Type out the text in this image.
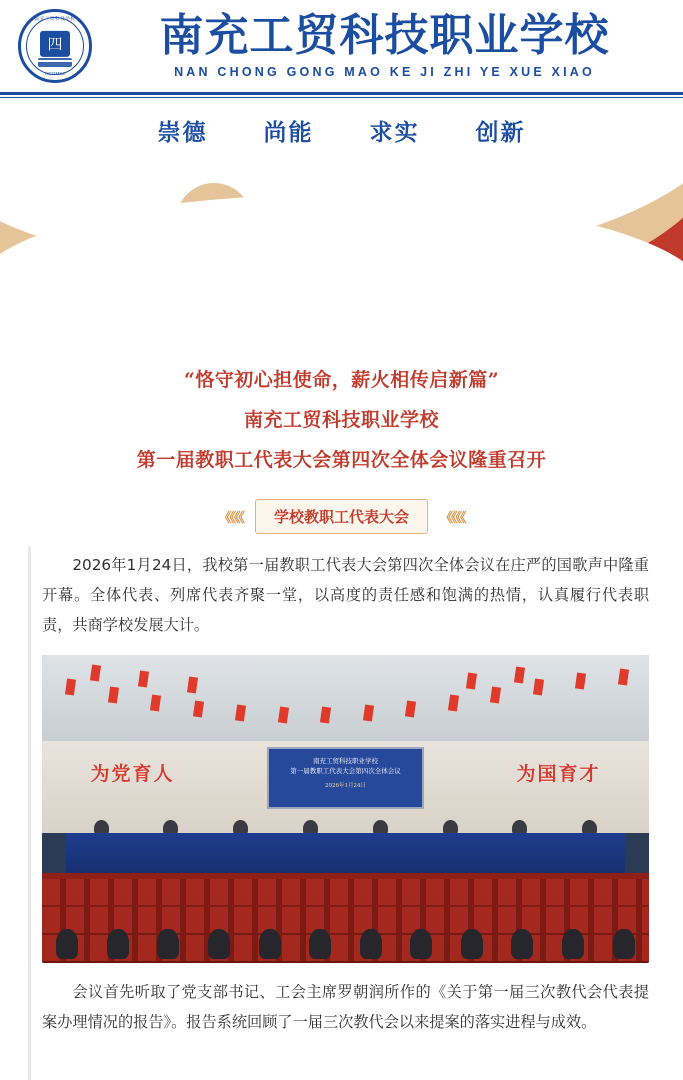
南充工贸科技学校
四
NCGMKJ
南充工贸科技职业学校
NAN CHONG GONG MAO KE JI ZHI YE XUE XIAO
崇德 尚能 求实 创新
“恪守初心担使命，薪火相传启新篇”
南充工贸科技职业学校
第一届教职工代表大会第四次全体会议隆重召开
《《《《	学校教职工代表大会	《《《《

2026年1月24日，我校第一届教职工代表大会第四次全体会议在庄严的国歌声中隆重开幕。全体代表、列席代表齐聚一堂，以高度的责任感和饱满的热情，认真履行代表职责，共商学校发展大计。

为党育人	为国育才
南充工贸科技职业学校
第一届教职工代表大会第四次全体会议
2026年1月24日

会议首先听取了党支部书记、工会主席罗朝润所作的《关于第一届三次教代会代表提案办理情况的报告》。报告系统回顾了一届三次教代会以来提案的落实进程与成效。
